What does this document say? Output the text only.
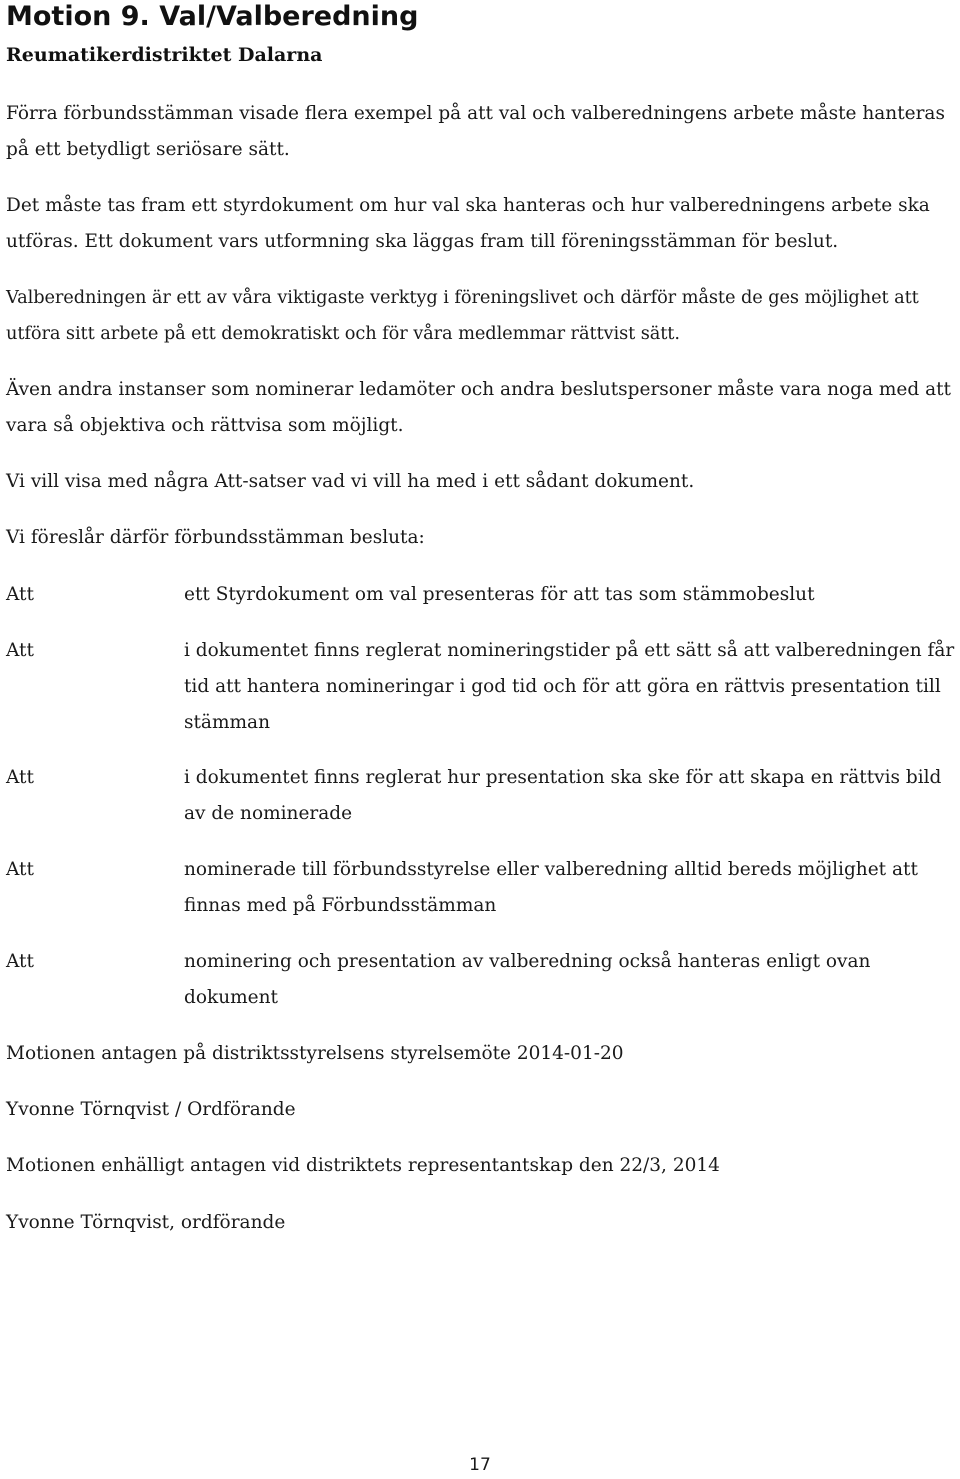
Motion 9. Val/Valberedning
Reumatikerdistriktet Dalarna

Förra förbundsstämman visade flera exempel på att val och valberedningens arbete måste hanteras på ett betydligt seriösare sätt.

Det måste tas fram ett styrdokument om hur val ska hanteras och hur valberedningens arbete ska utföras. Ett dokument vars utformning ska läggas fram till föreningsstämman för beslut.

Valberedningen är ett av våra viktigaste verktyg i föreningslivet och därför måste de ges möjlighet att utföra sitt arbete på ett demokratiskt och för våra medlemmar rättvist sätt.

Även andra instanser som nominerar ledamöter och andra beslutspersoner måste vara noga med att vara så objektiva och rättvisa som möjligt.

Vi vill visa med några Att-satser vad vi vill ha med i ett sådant dokument.

Vi föreslår därför förbundsstämman besluta:

Att	ett Styrdokument om val presenteras för att tas som stämmobeslut

Att	i dokumentet finns reglerat nomineringstider på ett sätt så att valberedningen får tid att hantera nomineringar i god tid och för att göra en rättvis presentation till stämman

Att	i dokumentet finns reglerat hur presentation ska ske för att skapa en rättvis bild av de nominerade

Att	nominerade till förbundsstyrelse eller valberedning alltid bereds möjlighet att finnas med på Förbundsstämman

Att	nominering och presentation av valberedning också hanteras enligt ovan dokument

Motionen antagen på distriktsstyrelsens styrelsemöte 2014-01-20

Yvonne Törnqvist / Ordförande

Motionen enhälligt antagen vid distriktets representantskap den 22/3, 2014

Yvonne Törnqvist, ordförande

17
